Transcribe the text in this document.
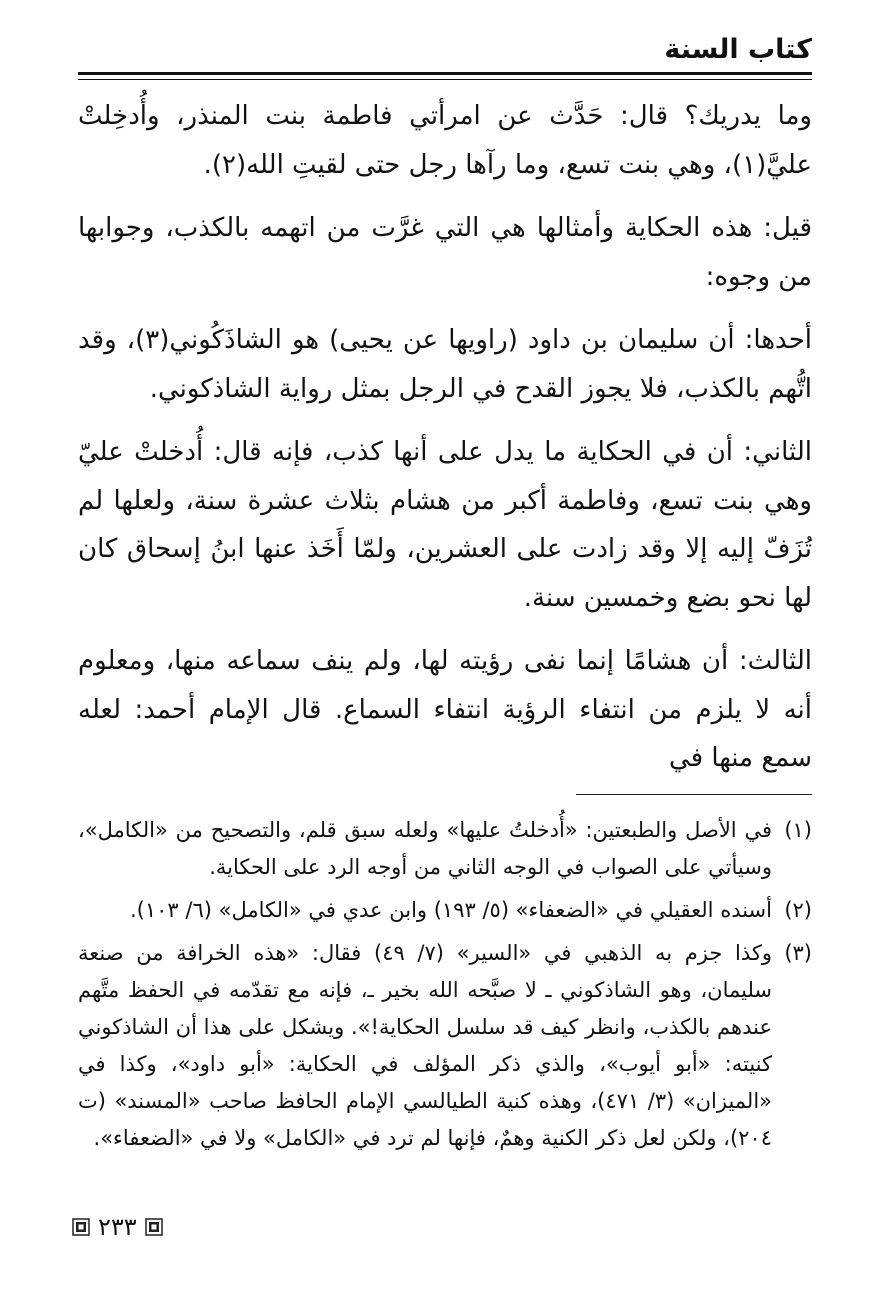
كتاب السنة

وما يدريك؟ قال: حَدَّث عن امرأتي فاطمة بنت المنذر، وأُدخِلتْ عليَّ(١)، وهي بنت تسع، وما رآها رجل حتى لقيتِ الله(٢).

قيل: هذه الحكاية وأمثالها هي التي غرَّت من اتهمه بالكذب، وجوابها من وجوه:

أحدها: أن سليمان بن داود (راويها عن يحيى) هو الشاذَكُوني(٣)، وقد اتُّهم بالكذب، فلا يجوز القدح في الرجل بمثل رواية الشاذكوني.

الثاني: أن في الحكاية ما يدل على أنها كذب، فإنه قال: أُدخلتْ عليّ وهي بنت تسع، وفاطمة أكبر من هشام بثلاث عشرة سنة، ولعلها لم تُزَفّ إليه إلا وقد زادت على العشرين، ولمّا أَخَذ عنها ابنُ إسحاق كان لها نحو بضع وخمسين سنة.

الثالث: أن هشامًا إنما نفى رؤيته لها، ولم ينف سماعه منها، ومعلوم أنه لا يلزم من انتفاء الرؤية انتفاء السماع. قال الإمام أحمد: لعله سمع منها في

(١)
في الأصل والطبعتين: «أُدخلتُ عليها» ولعله سبق قلم، والتصحيح من «الكامل»، وسيأتي على الصواب في الوجه الثاني من أوجه الرد على الحكاية.
(٢)
أسنده العقيلي في «الضعفاء» (٥/ ١٩٣) وابن عدي في «الكامل» (٦/ ١٠٣).
(٣)
وكذا جزم به الذهبي في «السير» (٧/ ٤٩) فقال: «هذه الخرافة من صنعة سليمان، وهو الشاذكوني ـ لا صبَّحه الله بخير ـ، فإنه مع تقدّمه في الحفظ متَّهم عندهم بالكذب، وانظر كيف قد سلسل الحكاية!». ويشكل على هذا أن الشاذكوني كنيته: «أبو أيوب»، والذي ذكر المؤلف في الحكاية: «أبو داود»، وكذا في «الميزان» (٣/ ٤٧١)، وهذه كنية الطيالسي الإمام الحافظ صاحب «المسند» (ت ٢٠٤)، ولكن لعل ذكر الكنية وهمٌ، فإنها لم ترد في «الكامل» ولا في «الضعفاء».
٢٣٣
